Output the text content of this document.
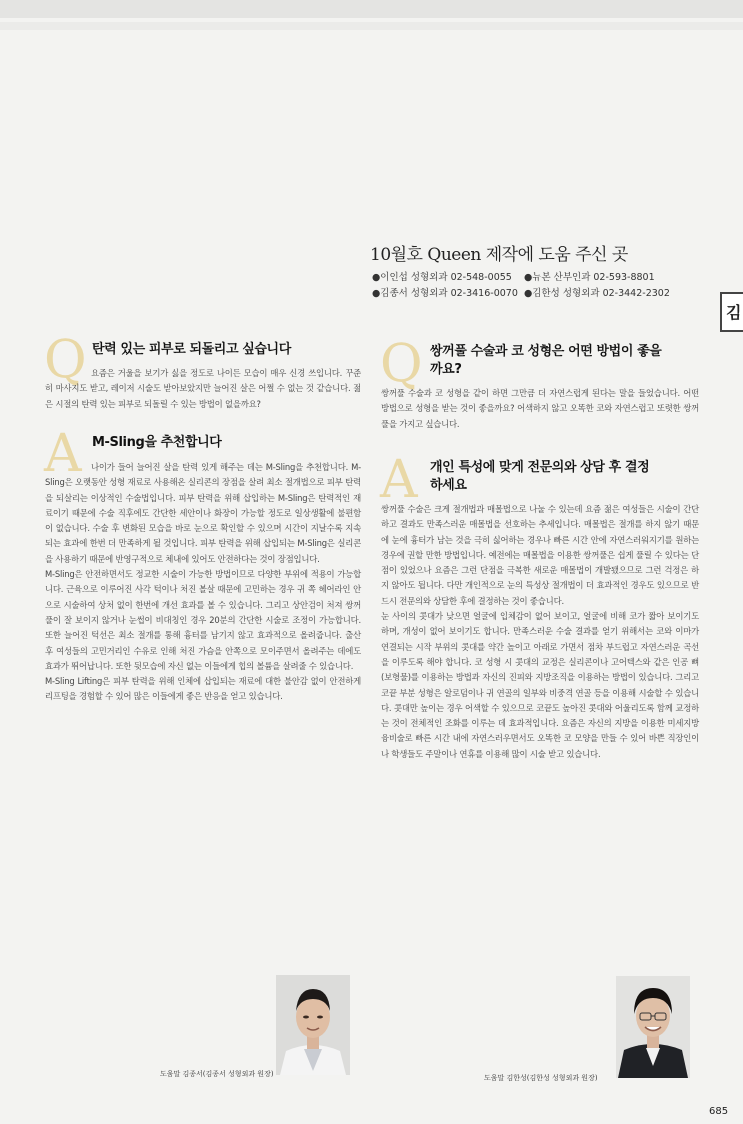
10월호 Queen 제작에 도움 주신 곳
●이인섭 성형외과 02-548-0055	●뉴본 산부인과 02-593-8801
●김종서 성형외과 02-3416-0070 ●김한성 성형외과 02-3442-2302
김
Q 탄력 있는 피부로 되돌리고 싶습니다

요즘은 거울을 보기가 싫을 정도로 나이든 모습이 매우 신경 쓰입니다. 꾸준히 마사지도 받고, 레이저 시술도 받아보았지만 늘어진 살은 어쩔 수 없는 것 같습니다. 젊은 시절의 탄력 있는 피부로 되돌릴 수 있는 방법이 없을까요?

A M-Sling을 추천합니다

나이가 들어 늘어진 살을 탄력 있게 해주는 데는 M-Sling을 추천합니다. M-Sling은 오랫동안 성형 재료로 사용해온 실리콘의 장점을 살려 최소 절개법으로 피부 탄력을 되살리는 이상적인 수술법입니다. 피부 탄력을 위해 삽입하는 M-Sling은 탄력적인 재료이기 때문에 수술 직후에도 간단한 세안이나 화장이 가능할 정도로 일상생활에 불편함이 없습니다. 수술 후 변화된 모습을 바로 눈으로 확인할 수 있으며 시간이 지날수록 지속되는 효과에 한번 더 만족하게 될 것입니다. 피부 탄력을 위해 삽입되는 M-Sling은 실리콘을 사용하기 때문에 반영구적으로 체내에 있어도 안전하다는 것이 장점입니다.

M-Sling은 안전하면서도 정교한 시술이 가능한 방법이므로 다양한 부위에 적용이 가능합니다. 근육으로 이루어진 사각 턱이나 처진 볼살 때문에 고민하는 경우 귀 쪽 헤어라인 안으로 시술하여 상처 없이 한번에 개선 효과를 볼 수 있습니다. 그리고 상안검이 처져 쌍꺼풀이 잘 보이지 않거나 눈썹이 비대칭인 경우 20분의 간단한 시술로 조정이 가능합니다. 또한 늘어진 턱선은 최소 절개를 통해 흉터를 남기지 않고 효과적으로 올려줍니다. 출산 후 여성들의 고민거리인 수유로 인해 처진 가슴을 안쪽으로 모이주면서 올려주는 데에도 효과가 뛰어납니다. 또한 뒷모습에 자신 없는 이들에게 힙의 볼륨을 살려줄 수 있습니다.

M-Sling Lifting은 피부 탄력을 위해 인체에 삽입되는 재료에 대한 불안감 없이 안전하게 리프팅을 경험할 수 있어 많은 이들에게 좋은 반응을 얻고 있습니다.

Q 쌍꺼풀 수술과 코 성형은 어떤 방법이 좋을까요?

쌍꺼풀 수술과 코 성형을 같이 하면 그만큼 더 자연스럽게 된다는 말을 들었습니다. 어떤 방법으로 성형을 받는 것이 좋을까요? 어색하지 않고 오똑한 코와 자연스럽고 또렷한 쌍꺼풀을 가지고 싶습니다.

A 개인 특성에 맞게 전문의와 상담 후 결정하세요

쌍꺼풀 수술은 크게 절개법과 매몰법으로 나눌 수 있는데 요즘 젊은 여성들은 시술이 간단하고 결과도 만족스러운 매몰법을 선호하는 추세입니다. 매몰법은 절개를 하지 않기 때문에 눈에 흉터가 남는 것을 극히 싫어하는 경우나 빠른 시간 안에 자연스러워지기를 원하는 경우에 권할 만한 방법입니다. 예전에는 매몰법을 이용한 쌍꺼풀은 쉽게 풀릴 수 있다는 단점이 있었으나 요즘은 그런 단점을 극복한 새로운 매몰법이 개발됐으므로 그런 걱정은 하지 않아도 됩니다. 다만 개인적으로 눈의 특성상 절개법이 더 효과적인 경우도 있으므로 반드시 전문의와 상담한 후에 결정하는 것이 좋습니다.

눈 사이의 콧대가 낮으면 얼굴에 입체감이 없어 보이고, 얼굴에 비해 코가 짧아 보이기도 하며, 개성이 없어 보이기도 합니다. 만족스러운 수술 결과를 얻기 위해서는 코와 이마가 연결되는 시작 부위의 콧대를 약간 높이고 아래로 가면서 점차 부드럽고 자연스러운 곡선을 이루도록 해야 합니다. 코 성형 시 콧대의 교정은 실리콘이나 고어텍스와 같은 인공 뼈(보형물)를 이용하는 방법과 자신의 진피와 지방조직을 이용하는 방법이 있습니다. 그리고 코끝 부분 성형은 알로덤이나 귀 연골의 일부와 비중격 연골 등을 이용해 시술할 수 있습니다. 콧대만 높이는 경우 어색할 수 있으므로 코끝도 높아진 콧대와 어울리도록 함께 교정하는 것이 전체적인 조화를 이루는 데 효과적입니다. 요즘은 자신의 지방을 이용한 미세지방 융비술로 빠른 시간 내에 자연스러우면서도 오똑한 코 모양을 만들 수 있어 바쁜 직장인이나 학생들도 주말이나 연휴를 이용해 많이 시술 받고 있습니다.

도움말 김종서(김종서 성형외과 원장)	도움말 김한성(김한성 성형외과 원장)
685
